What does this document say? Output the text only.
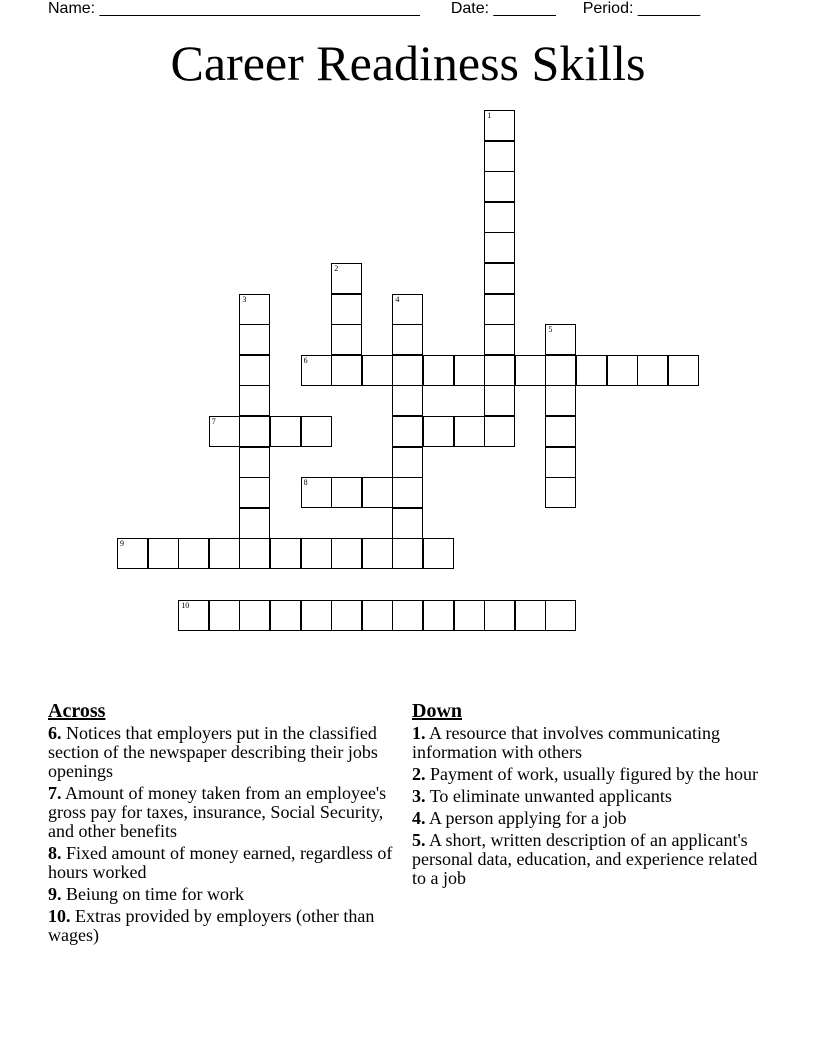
Name: ____________________________________ Date: _______ Period: _______
Career Readiness Skills
1
2
3	4
5
6
7
8
9
10
Across
6. Notices that employers put in the classified section of the newspaper describing their jobs openings
7. Amount of money taken from an employee's gross pay for taxes, insurance, Social Security, and other benefits
8. Fixed amount of money earned, regardless of hours worked
9. Beiung on time for work
10. Extras provided by employers (other than wages)
Down
1. A resource that involves communicating information with others
2. Payment of work, usually figured by the hour
3. To eliminate unwanted applicants
4. A person applying for a job
5. A short, written description of an applicant's personal data, education, and experience related to a job
